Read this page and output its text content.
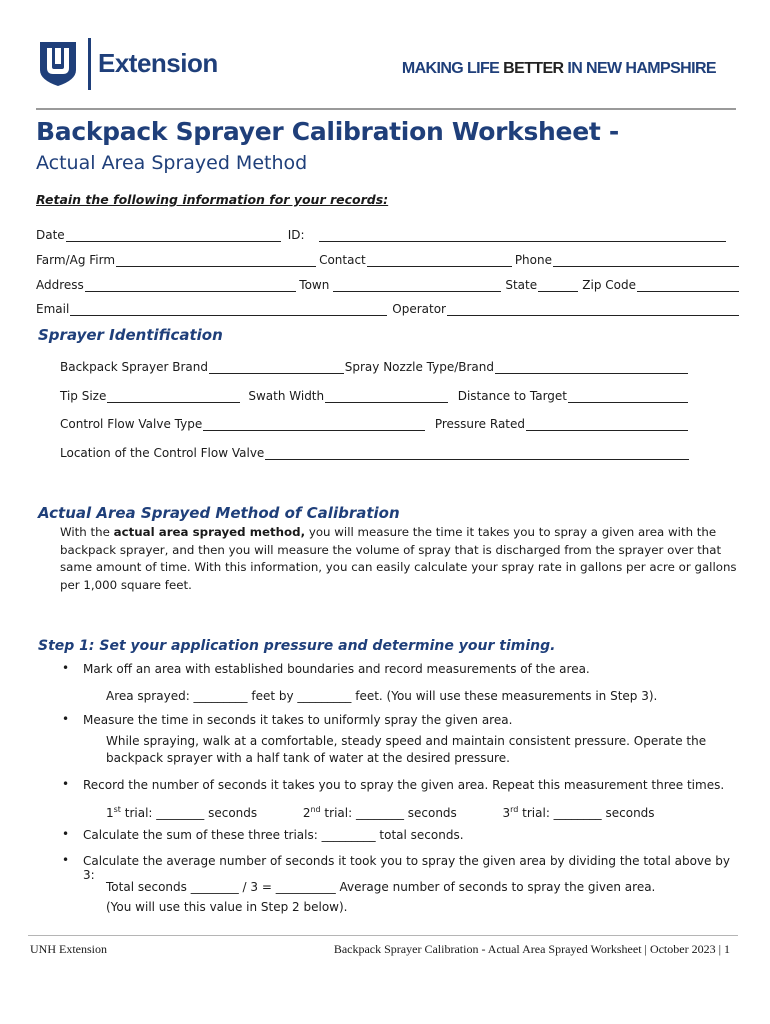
Extension	MAKING LIFE BETTER IN NEW HAMPSHIRE
Backpack Sprayer Calibration Worksheet -
Actual Area Sprayed Method
Retain the following information for your records:
Date	ID:
Farm/Ag Firm	Contact	Phone
Address	Town	State	Zip Code
Email	Operator
Sprayer Identification
Backpack Sprayer Brand	Spray Nozzle Type/Brand
Tip Size	Swath Width	Distance to Target
Control Flow Valve Type	Pressure Rated
Location of the Control Flow Valve
Actual Area Sprayed Method of Calibration
With the actual area sprayed method, you will measure the time it takes you to spray a given area with the
backpack sprayer, and then you will measure the volume of spray that is discharged from the sprayer over that
same amount of time. With this information, you can easily calculate your spray rate in gallons per acre or gallons
per 1,000 square feet.
Step 1: Set your application pressure and determine your timing.
• Mark off an area with established boundaries and record measurements of the area.
Area sprayed: _________ feet by _________ feet. (You will use these measurements in Step 3).
• Measure the time in seconds it takes to uniformly spray the given area.
While spraying, walk at a comfortable, steady speed and maintain consistent pressure. Operate the
backpack sprayer with a half tank of water at the desired pressure.
• Record the number of seconds it takes you to spray the given area. Repeat this measurement three times.
1st trial: ________ seconds	2nd trial: ________ seconds	3rd trial: ________ seconds
• Calculate the sum of these three trials: _________ total seconds.
• Calculate the average number of seconds it took you to spray the given area by dividing the total above by 3:
Total seconds ________ / 3 = __________ Average number of seconds to spray the given area.
(You will use this value in Step 2 below).
UNH Extension	Backpack Sprayer Calibration - Actual Area Sprayed Worksheet | October 2023 | 1
